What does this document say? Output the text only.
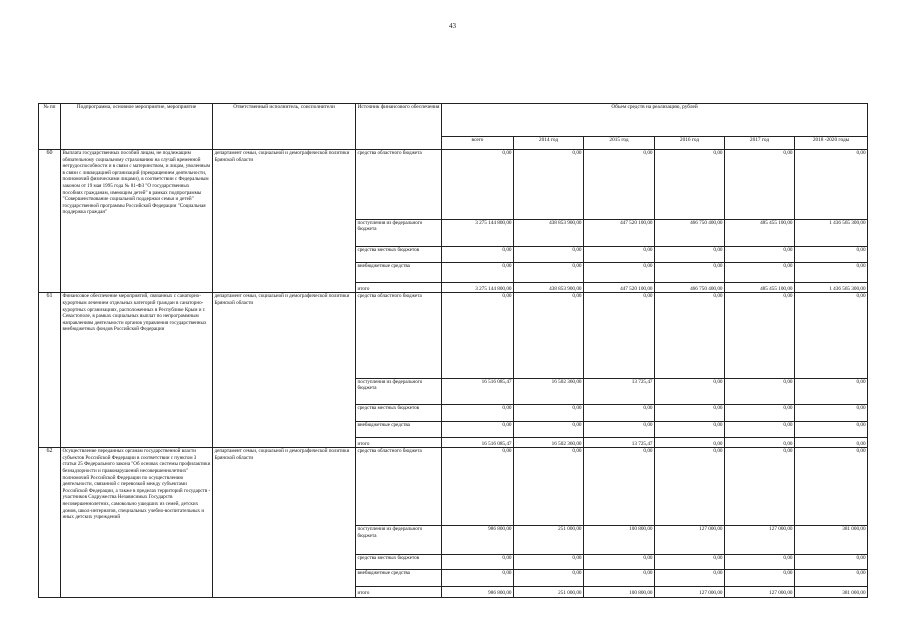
43
№ пп	Подпрограмма, основное мероприятие, мероприятие	Ответственный исполнитель, соисполнители	Источник финансового обеспечения	Объем средств на реализацию, рублей					
				всего	2014 год	2015 год	2016 год	2017 год	2018 -2020 годы
60	Выплата государственных пособий лицам, не подлежащим обязательному социальному страхованию на случай временной нетрудоспособности и в связи с материнством, и лицам, уволенным в связи с ликвидацией организаций (прекращением деятельности, полномочий физическими лицами), в соответствии с Федеральным законом от 19 мая 1995 года № 81-ФЗ "О государственных пособиях гражданам, имеющим детей" в рамках подпрограммы "Совершенствование социальной поддержки семьи и детей" государственной программы Российской Федерации "Социальная поддержка граждан"	департамент семьи, социальной и демографической политики Брянской области	средства областного бюджета	0,00	0,00	0,00	0,00	0,00	0,00
			поступления из федерального бюджета	3 275 144 800,00	438 853 900,00	447 520 100,00	466 750 400,00	485 455 100,00	1 436 565 300,00
			средства местных бюджетов	0,00	0,00	0,00	0,00	0,00	0,00
			внебюджетные средства	0,00	0,00	0,00	0,00	0,00	0,00
			итого	3 275 144 800,00	438 853 900,00	447 520 100,00	466 750 400,00	485 455 100,00	1 436 565 300,00
61	Финансовое обеспечение мероприятий, связанных с санаторно-курортным лечением отдельных категорий граждан в санаторно-курортных организациях, расположенных в Республике Крым и г. Севастополе, в рамках социальных выплат по непрограммным направлениям деятельности органов управления государственных внебюджетных фондов Российской Федерации	департамент семьи, социальной и демографической политики Брянской области	средства областного бюджета	0,00	0,00	0,00	0,00	0,00	0,00
			поступления из федерального бюджета	16 516 085,47	16 502 360,00	13 725,47	0,00	0,00	0,00
			средства местных бюджетов	0,00	0,00	0,00	0,00	0,00	0,00
			внебюджетные средства	0,00	0,00	0,00	0,00	0,00	0,00
			итого	16 516 085,47	16 502 360,00	13 725,47	0,00	0,00	0,00
62	Осуществление переданных органам государственной власти субъектов Российской Федерации в соответствии с пунктом 3 статьи 25 Федерального закона "Об основах системы профилактики безнадзорности и правонарушений несовершеннолетних" полномочий Российской Федерации по осуществлению деятельности, связанной с перевозкой между субъектами Российской Федерации, а также в пределах территорий государств - участников Содружества Независимых Государств несовершеннолетних, самовольно ушедших из семей, детских домов, школ-интернатов, специальных учебно-воспитательных и иных детских учреждений	департамент семьи, социальной и демографической политики Брянской области	средства областного бюджета	0,00	0,00	0,00	0,00	0,00	0,00
			поступления из федерального бюджета	986 800,00	251 000,00	100 800,00	127 000,00	127 000,00	381 000,00
			средства местных бюджетов	0,00	0,00	0,00	0,00	0,00	0,00
			внебюджетные средства	0,00	0,00	0,00	0,00	0,00	0,00
			итого	986 800,00	251 000,00	100 800,00	127 000,00	127 000,00	381 000,00
